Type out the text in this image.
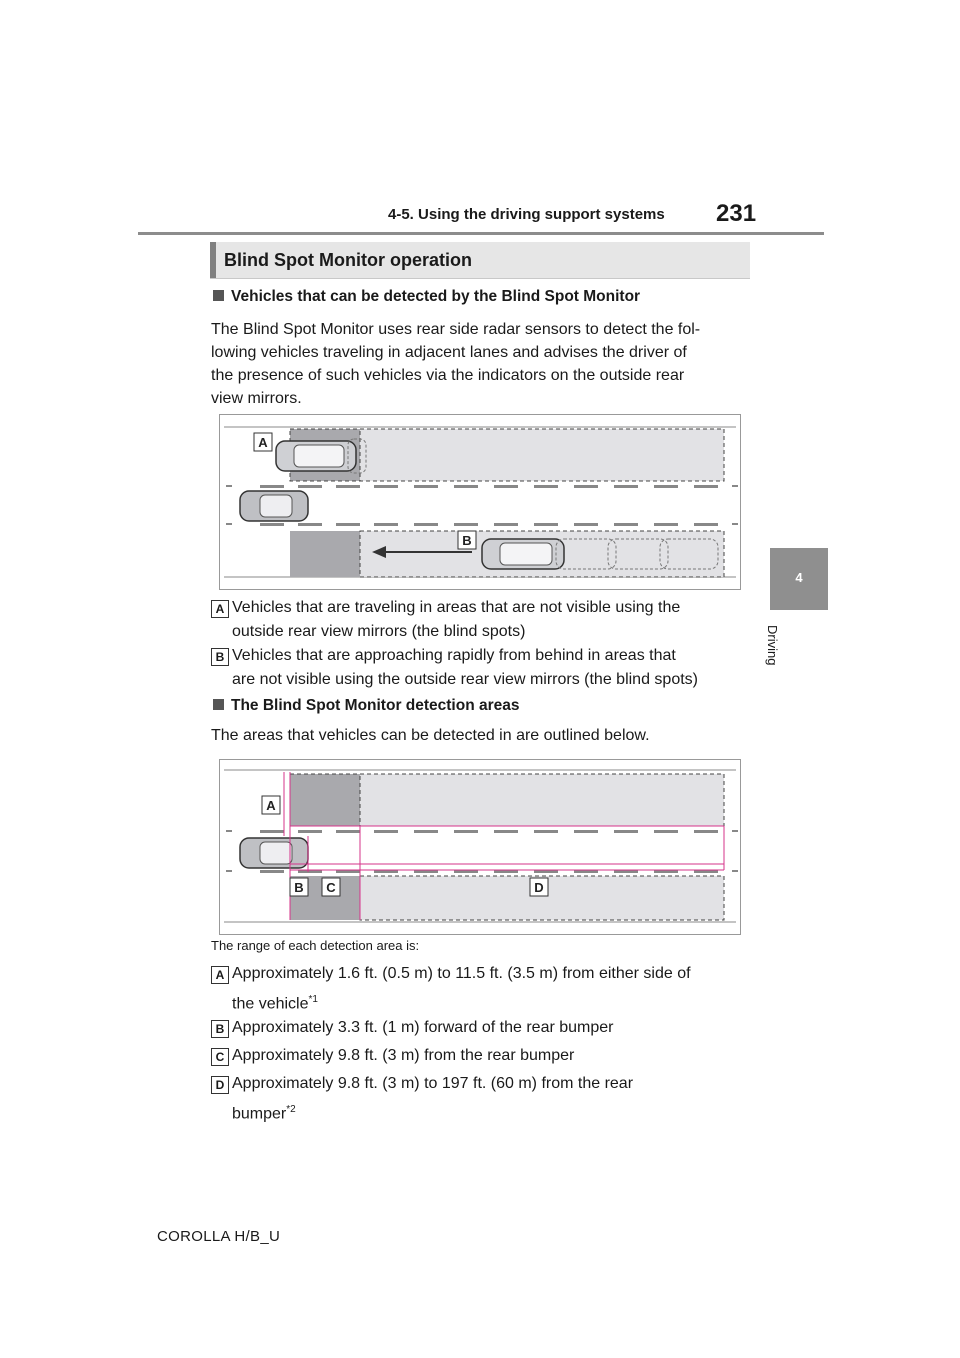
4-5. Using the driving support systems 231
4
Driving
Blind Spot Monitor operation
Vehicles that can be detected by the Blind Spot Monitor
The Blind Spot Monitor uses rear side radar sensors to detect the fol-
lowing vehicles traveling in adjacent lanes and advises the driver of
the presence of such vehicles via the indicators on the outside rear
view mirrors.
A
B
A Vehicles that are traveling in areas that are not visible using the
outside rear view mirrors (the blind spots)
B Vehicles that are approaching rapidly from behind in areas that
are not visible using the outside rear view mirrors (the blind spots)
The Blind Spot Monitor detection areas
The areas that vehicles can be detected in are outlined below.
A
B C	D
The range of each detection area is:
A Approximately 1.6 ft. (0.5 m) to 11.5 ft. (3.5 m) from either side of
the vehicle$^{*1}$
B Approximately 3.3 ft. (1 m) forward of the rear bumper
C Approximately 9.8 ft. (3 m) from the rear bumper
D Approximately 9.8 ft. (3 m) to 197 ft. (60 m) from the rear
bumper$^{*2}$
COROLLA H/B_U
